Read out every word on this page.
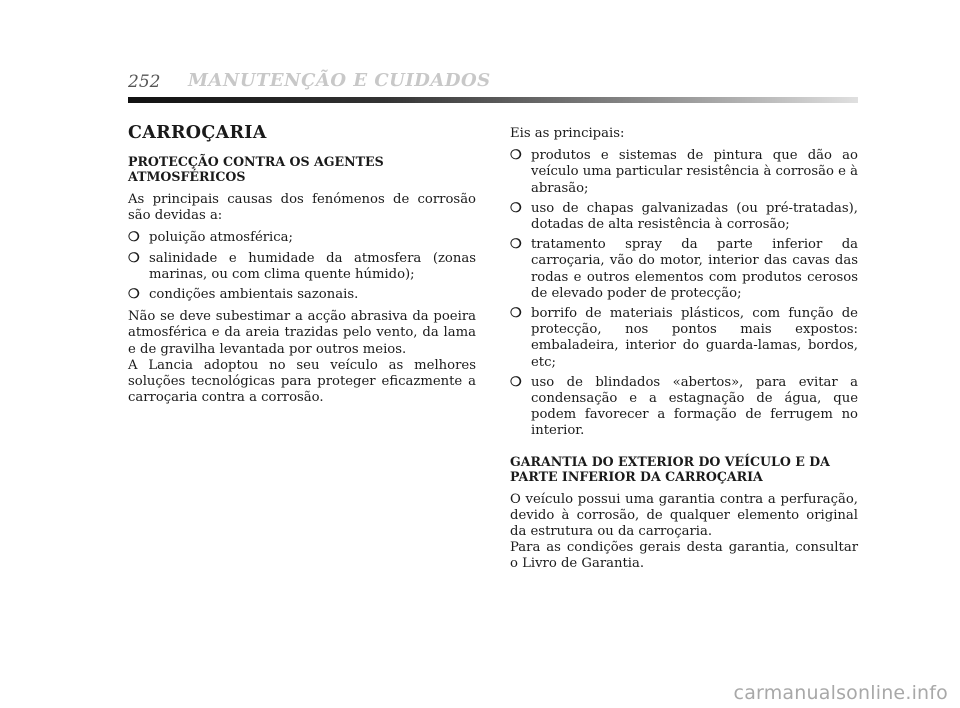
252 MANUTENÇÃO E CUIDADOS
CARROÇARIA
PROTECÇÃO CONTRA OS AGENTES ATMOSFÉRICOS

As principais causas dos fenómenos de corrosão são devidas a:

❍ poluição atmosférica;
❍ salinidade e humidade da atmosfera (zonas marinas, ou com clima quente húmido);
❍ condições ambientais sazonais.

Não se deve subestimar a acção abrasiva da poeira atmosférica e da areia trazidas pelo vento, da lama e de gravilha levantada por outros meios.

A Lancia adoptou no seu veículo as melhores soluções tecnológicas para proteger eficazmente a carroçaria contra a corrosão.

Eis as principais:

❍ produtos e sistemas de pintura que dão ao veículo uma particular resistência à corrosão e à abrasão;
❍ uso de chapas galvanizadas (ou pré-tratadas), dotadas de alta resistência à corrosão;
❍ tratamento spray da parte inferior da carroçaria, vão do motor, interior das cavas das rodas e outros elementos com produtos cerosos de elevado poder de protecção;
❍ borrifo de materiais plásticos, com função de protecção, nos pontos mais expostos: embaladeira, interior do guarda-lamas, bordos, etc;
❍ uso de blindados «abertos», para evitar a condensação e a estagnação de água, que podem favorecer a formação de ferrugem no interior.
GARANTIA DO EXTERIOR DO VEÍCULO E DA PARTE INFERIOR DA CARROÇARIA

O veículo possui uma garantia contra a perfuração, devido à corrosão, de qualquer elemento original da estrutura ou da carroçaria.

Para as condições gerais desta garantia, consultar o Livro de Garantia.

carmanualsonline.info
